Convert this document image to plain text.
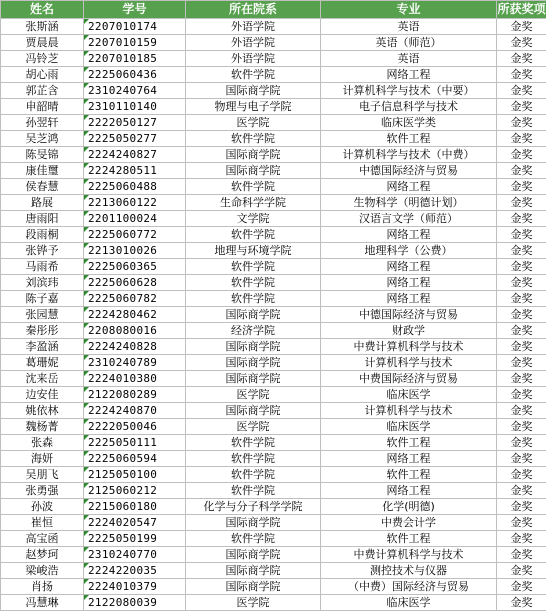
姓名	学号	所在院系	专业	所获奖项
张斯涵	2207010174	外语学院	英语	金奖
贾晨晨	2207010159	外语学院	英语（师范）	金奖
冯铃芝	2207010185	外语学院	英语	金奖
胡心雨	2225060436	软件学院	网络工程	金奖
郭芷含	2310240764	国际商学院	计算机科学与技术（中要）	金奖
申韶晴	2310110140	物理与电子学院	电子信息科学与技术	金奖
孙翌轩	2222050127	医学院	临床医学类	金奖
吴芝鸿	2225050277	软件学院	软件工程	金奖
陈旻锦	2224240827	国际商学院	计算机科学与技术（中费）	金奖
康佳璽	2224280511	国际商学院	中德国际经济与贸易	金奖
侯春慧	2225060488	软件学院	网络工程	金奖
路展	2213060122	生命科学学院	生物科学（明德计划）	金奖
唐雨阳	2201100024	文学院	汉语言文学（师范）	金奖
段雨桐	2225060772	软件学院	网络工程	金奖
张铧予	2213010026	地理与环境学院	地理科学（公费）	金奖
马雨希	2225060365	软件学院	网络工程	金奖
刘滨玮	2225060628	软件学院	网络工程	金奖
陈子嘉	2225060782	软件学院	网络工程	金奖
张园慧	2224280462	国际商学院	中德国际经济与贸易	金奖
秦彤彤	2208080016	经济学院	财政学	金奖
李盈涵	2224240828	国际商学院	中费计算机科学与技术	金奖
葛珊妮	2310240789	国际商学院	计算机科学与技术	金奖
沈来岳	2224010380	国际商学院	中费国际经济与贸易	金奖
边安佳	2122080289	医学院	临床医学	金奖
姚依林	2224240870	国际商学院	计算机科学与技术	金奖
魏杨菁	2222050046	医学院	临床医学	金奖
张森	2225050111	软件学院	软件工程	金奖
海妍	2225060594	软件学院	网络工程	金奖
吴朋飞	2125050100	软件学院	软件工程	金奖
张勇强	2125060212	软件学院	网络工程	金奖
孙波	2215060180	化学与分子科学学院	化学(明德)	金奖
崔恒	2224020547	国际商学院	中费会计学	金奖
高宝函	2225050199	软件学院	软件工程	金奖
赵梦珂	2310240770	国际商学院	中费计算机科学与技术	金奖
梁峻浩	2224220035	国际商学院	测控技术与仪器	金奖
肖扬	2224010379	国际商学院	（中费）国际经济与贸易	金奖
冯慧琳	2122080039	医学院	临床医学	金奖
